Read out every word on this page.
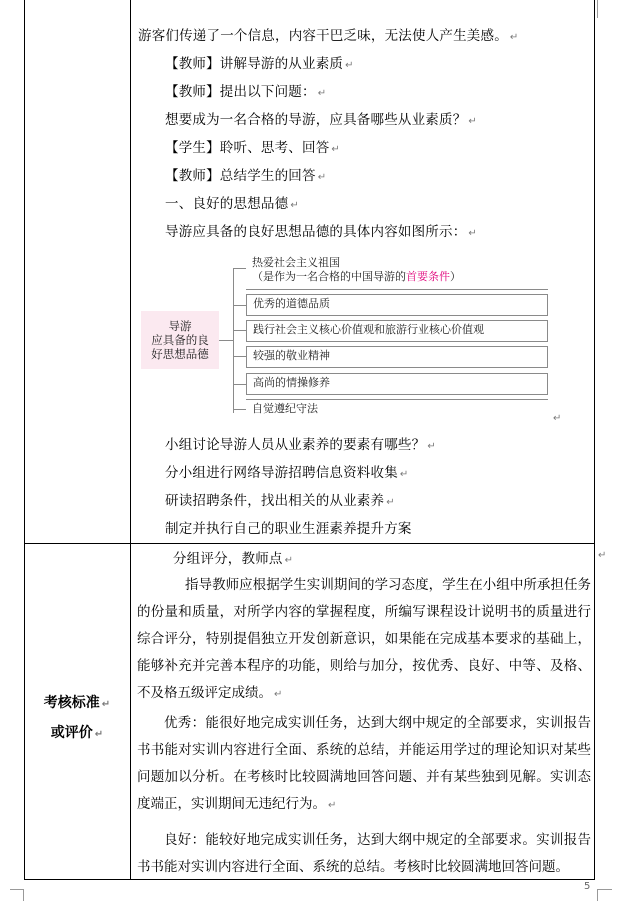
游客们传递了一个信息，内容干巴乏味，无法使人产生美感。 ↵
【教师】讲解导游的从业素质 ↵
【教师】提出以下问题： ↵
想要成为一名合格的导游，应具备哪些从业素质？ ↵
【学生】聆听、思考、回答 ↵
【教师】总结学生的回答 ↵
一、良好的思想品德 ↵
导游应具备的良好思想品德的具体内容如图所示： ↵
导游
应具备的良
好思想品德
热爱社会主义祖国
（是作为一名合格的中国导游的首要条件）
优秀的道德品质
践行社会主义核心价值观和旅游行业核心价值观
较强的敬业精神
高尚的情操修养
自觉遵纪守法
↵
小组讨论导游人员从业素养的要素有哪些？ ↵
分小组进行网络导游招聘信息资料收集 ↵
研读招聘条件，找出相关的从业素养 ↵
制定并执行自己的职业生涯素养提升方案
考核标准 ↵
或评价 ↵
分组评分，教师点 ↵	↵
指导教师应根据学生实训期间的学习态度，学生在小组中所承担任务的份量和质量，对所学内容的掌握程度，所编写课程设计说明书的质量进行综合评分，特别提倡独立开发创新意识，如果能在完成基本要求的基础上，能够补充并完善本程序的功能，则给与加分，按优秀、良好、中等、及格、不及格五级评定成绩。 ↵
优秀：能很好地完成实训任务，达到大纲中规定的全部要求，实训报告书书能对实训内容进行全面、系统的总结，并能运用学过的理论知识对某些问题加以分析。在考核时比较圆满地回答问题、并有某些独到见解。实训态度端正，实训期间无违纪行为。 ↵
良好：能较好地完成实训任务，达到大纲中规定的全部要求。实训报告书书能对实训内容进行全面、系统的总结。考核时比较圆满地回答问题。
5
